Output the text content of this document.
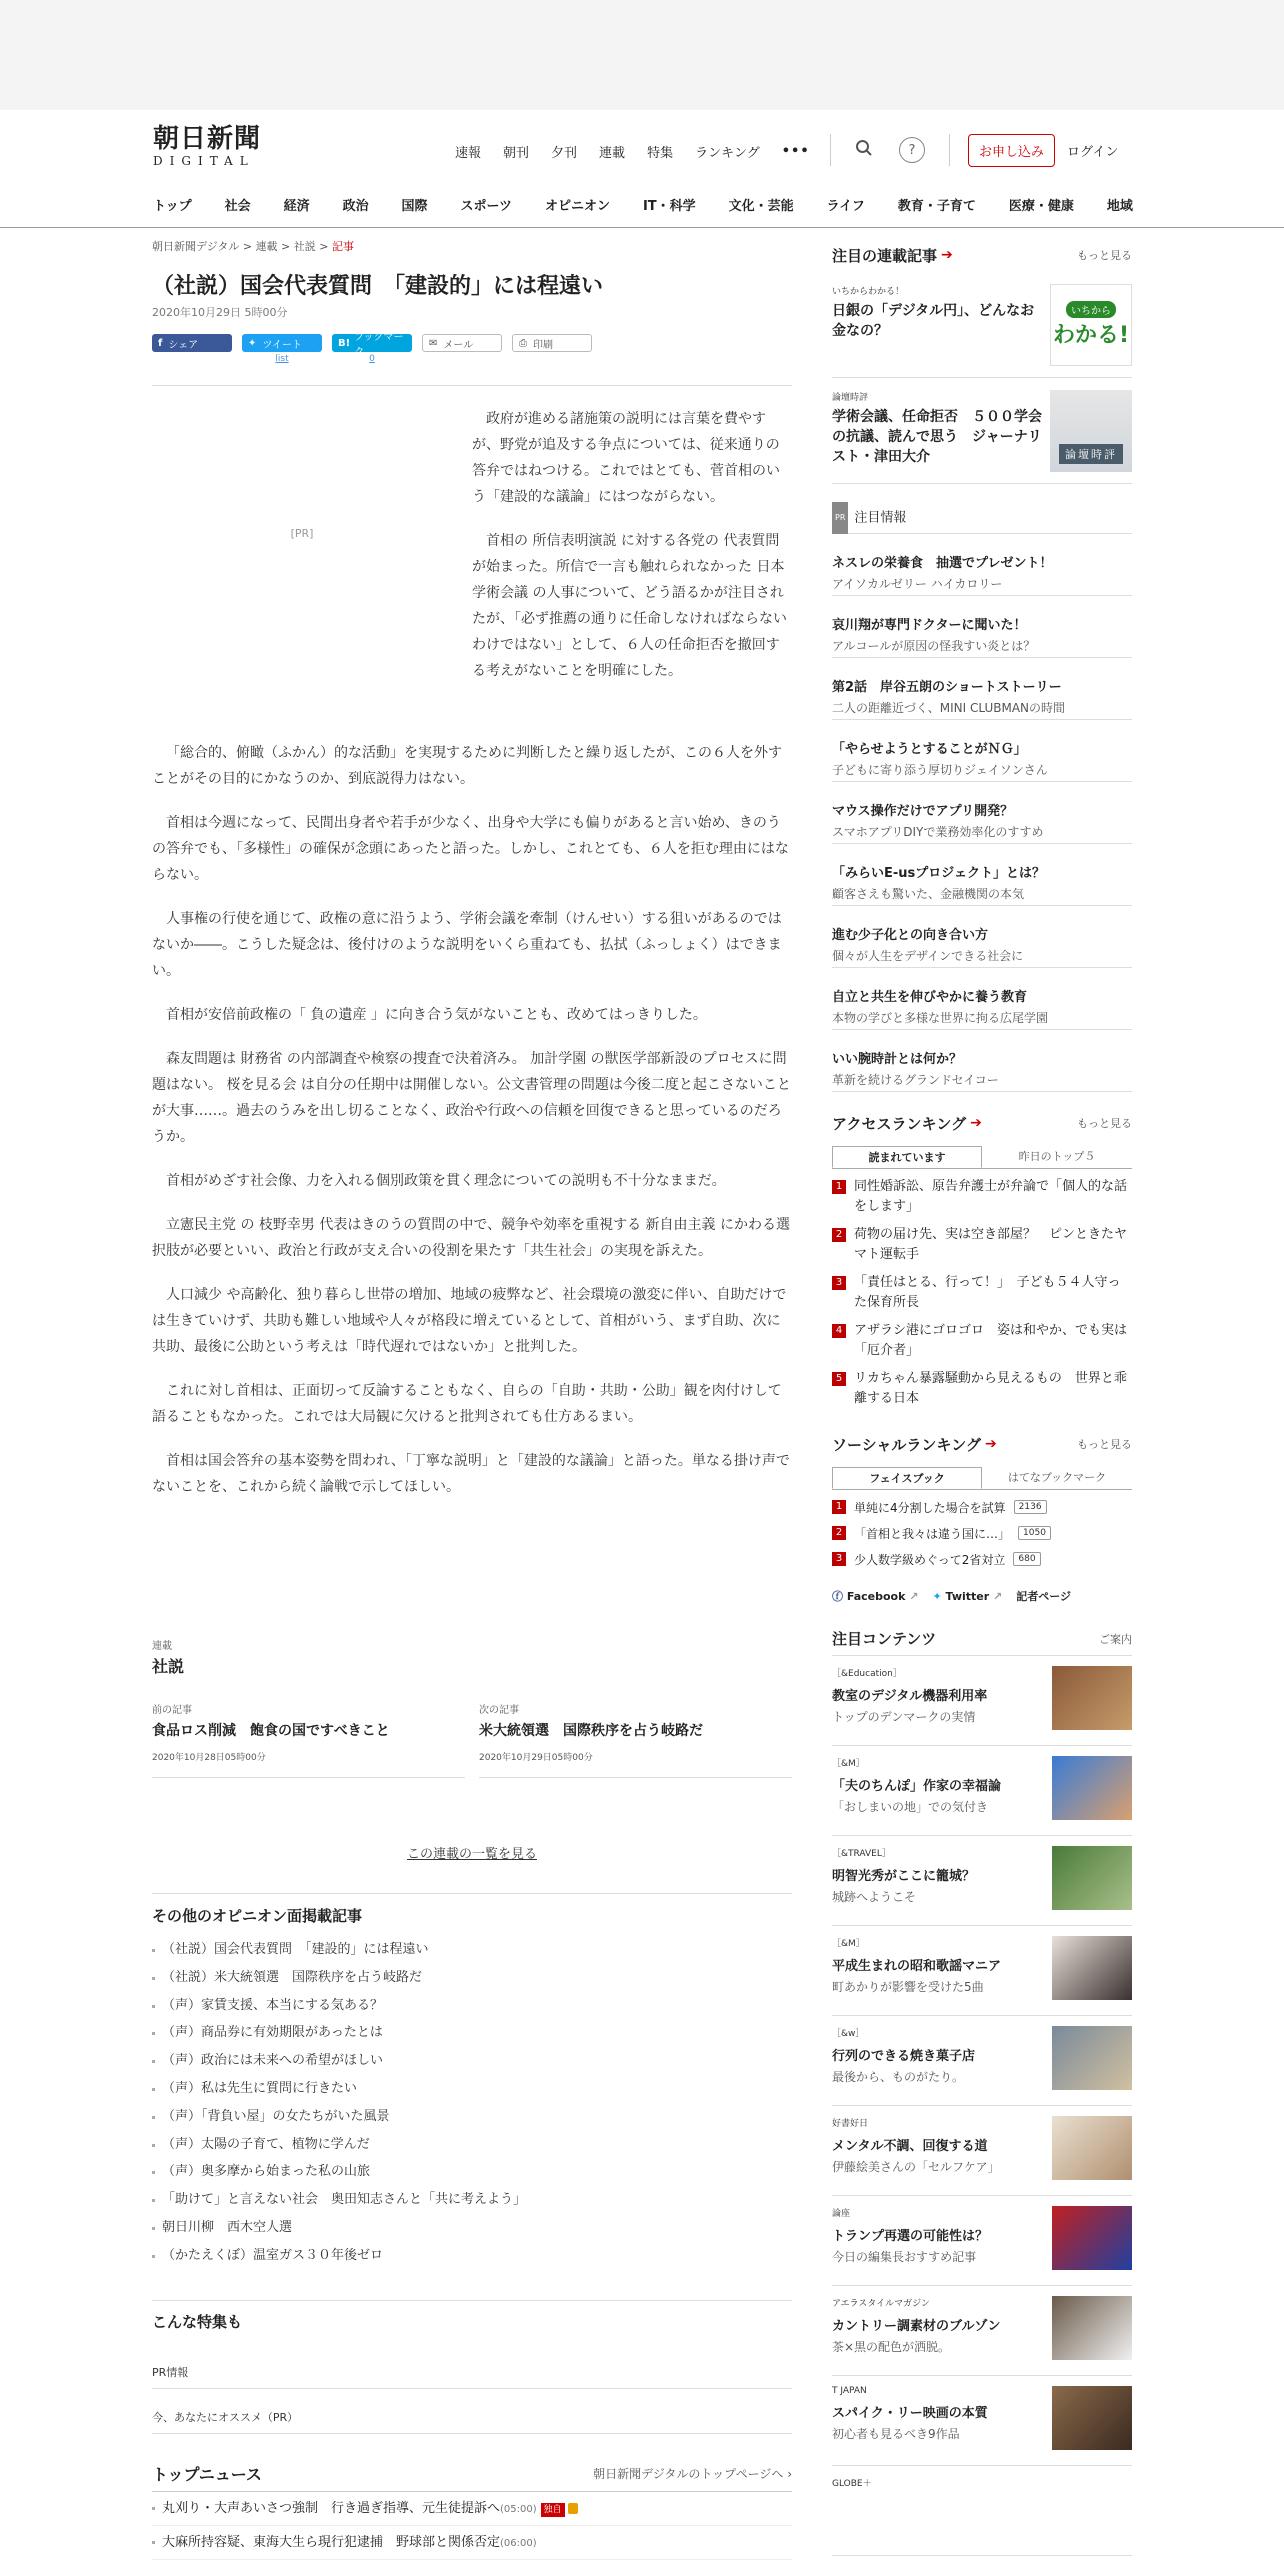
朝日新聞
DIGITAL
速報 朝刊 夕刊 連載 特集 ランキング •••	?	お申し込み	ログイン
トップ	社会	経済	政治	国際	スポーツ	オピニオン	IT・科学	文化・芸能	ライフ	教育・子育て	医療・健康	地域
朝日新聞デジタル > 連載 > 社説 > 記事
（社説）国会代表質問　「建設的」には程遠い
2020年10月29日 5時00分
f シェア	✦ ツイート
list
B! ブックマーク
0
✉ メール	⎙ 印刷
[PR]

政府が進める諸施策の説明には言葉を費やすが、野党が追及する争点については、従来通りの答弁ではねつける。これではとても、菅首相のいう「建設的な議論」にはつながらない。

首相の 所信表明演説 に対する各党の 代表質問 が始まった。所信で一言も触れられなかった 日本学術会議 の人事について、どう語るかが注目されたが、「必ず推薦の通りに任命しなければならないわけではない」として、６人の任命拒否を撤回する考えがないことを明確にした。

「総合的、俯瞰（ふかん）的な活動」を実現するために判断したと繰り返したが、この６人を外すことがその目的にかなうのか、到底説得力はない。

首相は今週になって、民間出身者や若手が少なく、出身や大学にも偏りがあると言い始め、きのうの答弁でも、「多様性」の確保が念頭にあったと語った。しかし、これとても、６人を拒む理由にはならない。

人事権の行使を通じて、政権の意に沿うよう、学術会議を牽制（けんせい）する狙いがあるのではないか――。こうした疑念は、後付けのような説明をいくら重ねても、払拭（ふっしょく）はできまい。

首相が安倍前政権の「 負の遺産 」に向き合う気がないことも、改めてはっきりした。

森友問題は 財務省 の内部調査や検察の捜査で決着済み。 加計学園 の獣医学部新設のプロセスに問題はない。 桜を見る会 は自分の任期中は開催しない。公文書管理の問題は今後二度と起こさないことが大事……。過去のうみを出し切ることなく、政治や行政への信頼を回復できると思っているのだろうか。

首相がめざす社会像、力を入れる個別政策を貫く理念についての説明も不十分なままだ。

立憲民主党 の 枝野幸男 代表はきのうの質問の中で、競争や効率を重視する 新自由主義 にかわる選択肢が必要といい、政治と行政が支え合いの役割を果たす「共生社会」の実現を訴えた。

人口減少 や高齢化、独り暮らし世帯の増加、地域の疲弊など、社会環境の激変に伴い、自助だけでは生きていけず、共助も難しい地域や人々が格段に増えているとして、首相がいう、まず自助、次に共助、最後に公助という考えは「時代遅れではないか」と批判した。

これに対し首相は、正面切って反論することもなく、自らの「自助・共助・公助」観を肉付けして語ることもなかった。これでは大局観に欠けると批判されても仕方あるまい。

首相は国会答弁の基本姿勢を問われ、「丁寧な説明」と「建設的な議論」と語った。単なる掛け声でないことを、これから続く論戦で示してほしい。

連載
社説
前の記事
食品ロス削減　飽食の国ですべきこと
2020年10月28日05時00分
次の記事
米大統領選　国際秩序を占う岐路だ
2020年10月29日05時00分
この連載の一覧を見る
その他のオピニオン面掲載記事
（社説）国会代表質問　「建設的」には程遠い
（社説）米大統領選　国際秩序を占う岐路だ
（声）家賃支援、本当にする気ある？
（声）商品券に有効期限があったとは
（声）政治には未来への希望がほしい
（声）私は先生に質問に行きたい
（声）「背負い屋」の女たちがいた風景
（声）太陽の子育て、植物に学んだ
（声）奥多摩から始まった私の山旅
「助けて」と言えない社会　奥田知志さんと「共に考えよう」
朝日川柳　西木空人選
（かたえくぼ）温室ガス３０年後ゼロ
こんな特集も
PR情報
今、あなたにオススメ（PR）
トップニュース	朝日新聞デジタルのトップページへ ›
丸刈り・大声あいさつ強制　行き過ぎ指導、元生徒提訴へ(05:00) 独自
大麻所持容疑、東海大生ら現行犯逮捕　野球部と関係否定(06:00)
注目の連載記事 ➔	もっと見る
いちからわかる！
日銀の「デジタル円」、どんなお金なの？
いちから
わかる!
論壇時評
学術会議、任命拒否　５００学会の抗議、読んで思う　ジャーナリスト・津田大介	論壇時評
PR 注目情報
ネスレの栄養食　抽選でプレゼント！
アイソカルゼリー ハイカロリー
哀川翔が専門ドクターに聞いた！
アルコールが原因の怪我すい炎とは？
第2話　岸谷五朗のショートストーリー
二人の距離近づく、MINI CLUBMANの時間
「やらせようとすることがＮＧ」
子どもに寄り添う厚切りジェイソンさん
マウス操作だけでアプリ開発？
スマホアプリDIYで業務効率化のすすめ
「みらいE-usプロジェクト」とは？
顧客さえも驚いた、金融機関の本気
進む少子化との向き合い方
個々が人生をデザインできる社会に
自立と共生を伸びやかに養う教育
本物の学びと多様な世界に拘る広尾学園
いい腕時計とは何か？
革新を続けるグランドセイコー
アクセスランキング ➔	もっと見る
読まれています	昨日のトップ５
1 同性婚訴訟、原告弁護士が弁論で「個人的な話をします」
2 荷物の届け先、実は空き部屋？　ピンときたヤマト運転手
3 「責任はとる、行って！」　子ども５４人守った保育所長
4 アザラシ港にゴロゴロ　姿は和やか、でも実は「厄介者」
5 リカちゃん暴露騒動から見えるもの　世界と乖離する日本
ソーシャルランキング ➔	もっと見る
フェイスブック	はてなブックマーク
1 単純に4分割した場合を試算	2136
2 「首相と我々は違う国に…」	1050
3 少人数学級めぐって2省対立	680
ⓕ Facebook ↗ ✦ Twitter ↗ 記者ページ
注目コンテンツ	ご案内
［&Education］
教室のデジタル機器利用率
トップのデンマークの実情
［&M］
「夫のちんぽ」作家の幸福論
「おしまいの地」での気付き
［&TRAVEL］
明智光秀がここに籠城？
城跡へようこそ
［&M］
平成生まれの昭和歌謡マニア
町あかりが影響を受けた5曲
［&w］
行列のできる焼き菓子店
最後から、ものがたり。
好書好日
メンタル不調、回復する道
伊藤絵美さんの「セルフケア」
論座
トランプ再選の可能性は？
今日の編集長おすすめ記事
アエラスタイルマガジン
カントリー調素材のブルゾン
茶×黒の配色が洒脱。
T JAPAN
スパイク・リー映画の本質
初心者も見るべき9作品
GLOBE＋
